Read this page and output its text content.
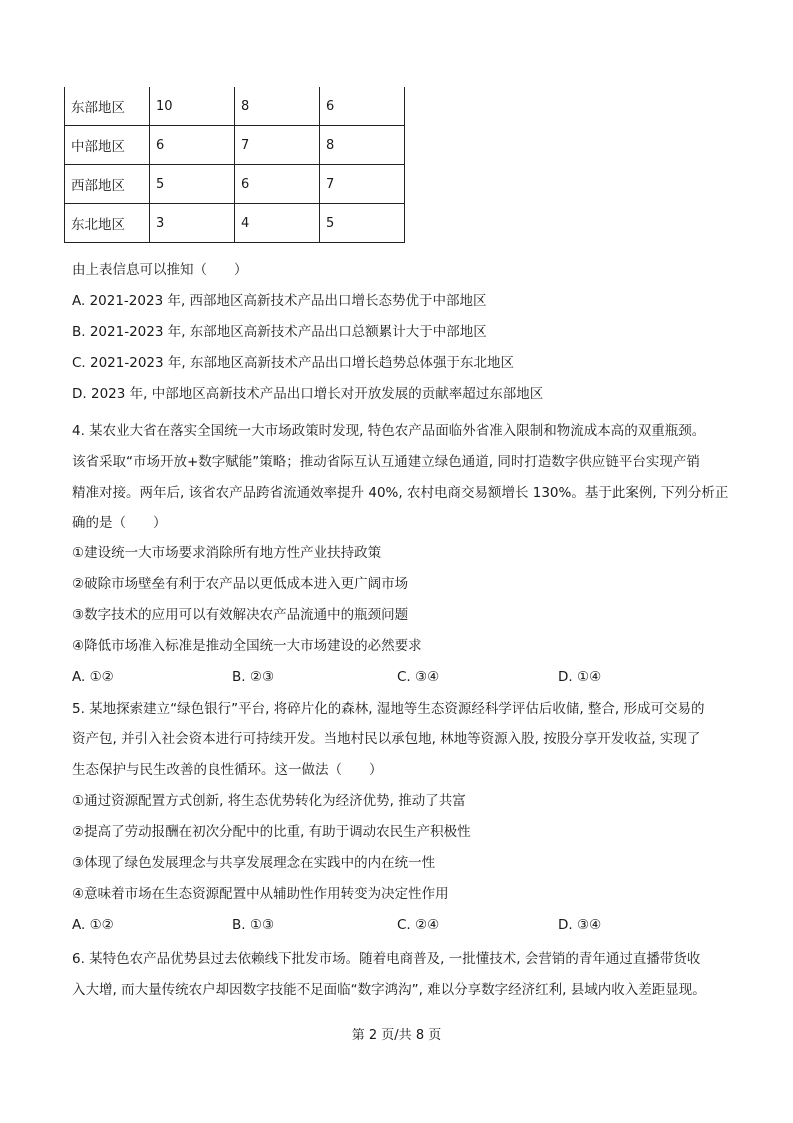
东部地区	10	8	6
中部地区	6	7	8
西部地区	5	6	7
东北地区	3	4	5
由上表信息可以推知（　　）
A. 2021-2023 年, 西部地区高新技术产品出口增长态势优于中部地区
B. 2021-2023 年, 东部地区高新技术产品出口总额累计大于中部地区
C. 2021-2023 年, 东部地区高新技术产品出口增长趋势总体强于东北地区
D. 2023 年, 中部地区高新技术产品出口增长对开放发展的贡献率超过东部地区
4. 某农业大省在落实全国统一大市场政策时发现, 特色农产品面临外省准入限制和物流成本高的双重瓶颈。
该省采取“市场开放+数字赋能”策略；推动省际互认互通建立绿色通道, 同时打造数字供应链平台实现产销
精准对接。两年后, 该省农产品跨省流通效率提升 40%, 农村电商交易额增长 130%。基于此案例, 下列分析正
确的是（　　）
①建设统一大市场要求消除所有地方性产业扶持政策
②破除市场壁垒有利于农产品以更低成本进入更广阔市场
③数字技术的应用可以有效解决农产品流通中的瓶颈问题
④降低市场准入标准是推动全国统一大市场建设的必然要求
A. ①②	B. ②③	C. ③④	D. ①④
5. 某地探索建立“绿色银行”平台, 将碎片化的森林, 湿地等生态资源经科学评估后收储, 整合, 形成可交易的
资产包, 并引入社会资本进行可持续开发。当地村民以承包地, 林地等资源入股, 按股分享开发收益, 实现了
生态保护与民生改善的良性循环。这一做法（　　）
①通过资源配置方式创新, 将生态优势转化为经济优势, 推动了共富
②提高了劳动报酬在初次分配中的比重, 有助于调动农民生产积极性
③体现了绿色发展理念与共享发展理念在实践中的内在统一性
④意味着市场在生态资源配置中从辅助性作用转变为决定性作用
A. ①②	B. ①③	C. ②④	D. ③④
6. 某特色农产品优势县过去依赖线下批发市场。随着电商普及, 一批懂技术, 会营销的青年通过直播带货收
入大增, 而大量传统农户却因数字技能不足面临“数字鸿沟”, 难以分享数字经济红利, 县域内收入差距显现。
第 2 页/共 8 页
